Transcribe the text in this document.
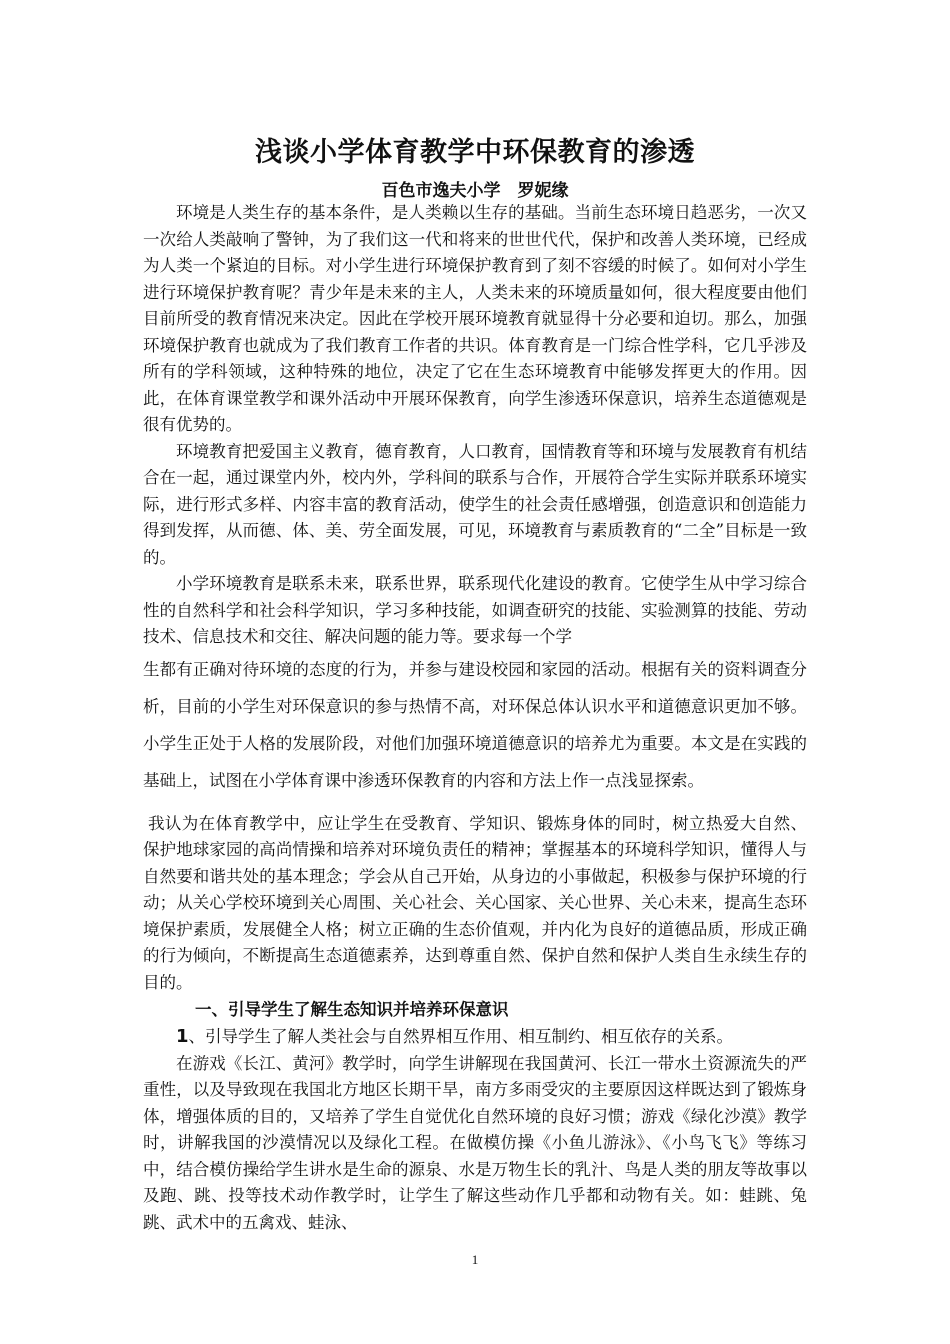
浅谈小学体育教学中环保教育的渗透
百色市逸夫小学　罗妮缘

环境是人类生存的基本条件，是人类赖以生存的基础。当前生态环境日趋恶劣，一次又一次给人类敲响了警钟，为了我们这一代和将来的世世代代，保护和改善人类环境，已经成为人类一个紧迫的目标。对小学生进行环境保护教育到了刻不容缓的时候了。如何对小学生进行环境保护教育呢？青少年是未来的主人，人类未来的环境质量如何，很大程度要由他们目前所受的教育情况来决定。因此在学校开展环境教育就显得十分必要和迫切。那么，加强环境保护教育也就成为了我们教育工作者的共识。体育教育是一门综合性学科，它几乎涉及所有的学科领域，这种特殊的地位，决定了它在生态环境教育中能够发挥更大的作用。因此，在体育课堂教学和课外活动中开展环保教育，向学生渗透环保意识，培养生态道德观是很有优势的。

环境教育把爱国主义教育，德育教育，人口教育，国情教育等和环境与发展教育有机结合在一起，通过课堂内外，校内外，学科间的联系与合作，开展符合学生实际并联系环境实际，进行形式多样、内容丰富的教育活动，使学生的社会责任感增强，创造意识和创造能力得到发挥，从而德、体、美、劳全面发展，可见，环境教育与素质教育的“二全”目标是一致的。

小学环境教育是联系未来，联系世界，联系现代化建设的教育。它使学生从中学习综合性的自然科学和社会科学知识，学习多种技能，如调查研究的技能、实验测算的技能、劳动技术、信息技术和交往、解决问题的能力等。要求每一个学

生都有正确对待环境的态度的行为，并参与建设校园和家园的活动。根据有关的资料调查分析，目前的小学生对环保意识的参与热情不高，对环保总体认识水平和道德意识更加不够。小学生正处于人格的发展阶段，对他们加强环境道德意识的培养尤为重要。本文是在实践的基础上，试图在小学体育课中渗透环保教育的内容和方法上作一点浅显探索。

我认为在体育教学中，应让学生在受教育、学知识、锻炼身体的同时，树立热爱大自然、保护地球家园的高尚情操和培养对环境负责任的精神；掌握基本的环境科学知识，懂得人与自然要和谐共处的基本理念；学会从自己开始，从身边的小事做起，积极参与保护环境的行动；从关心学校环境到关心周围、关心社会、关心国家、关心世界、关心未来，提高生态环境保护素质，发展健全人格；树立正确的生态价值观，并内化为良好的道德品质，形成正确的行为倾向，不断提高生态道德素养，达到尊重自然、保护自然和保护人类自生永续生存的目的。

一、引导学生了解生态知识并培养环保意识

1、引导学生了解人类社会与自然界相互作用、相互制约、相互依存的关系。

在游戏《长江、黄河》教学时，向学生讲解现在我国黄河、长江一带水土资源流失的严重性，以及导致现在我国北方地区长期干旱，南方多雨受灾的主要原因这样既达到了锻炼身体，增强体质的目的，又培养了学生自觉优化自然环境的良好习惯；游戏《绿化沙漠》教学时，讲解我国的沙漠情况以及绿化工程。在做模仿操《小鱼儿游泳》、《小鸟飞飞》等练习中，结合模仿操给学生讲水是生命的源泉、水是万物生长的乳汁、鸟是人类的朋友等故事以及跑、跳、投等技术动作教学时，让学生了解这些动作几乎都和动物有关。如：蛙跳、兔跳、武术中的五禽戏、蛙泳、

1
